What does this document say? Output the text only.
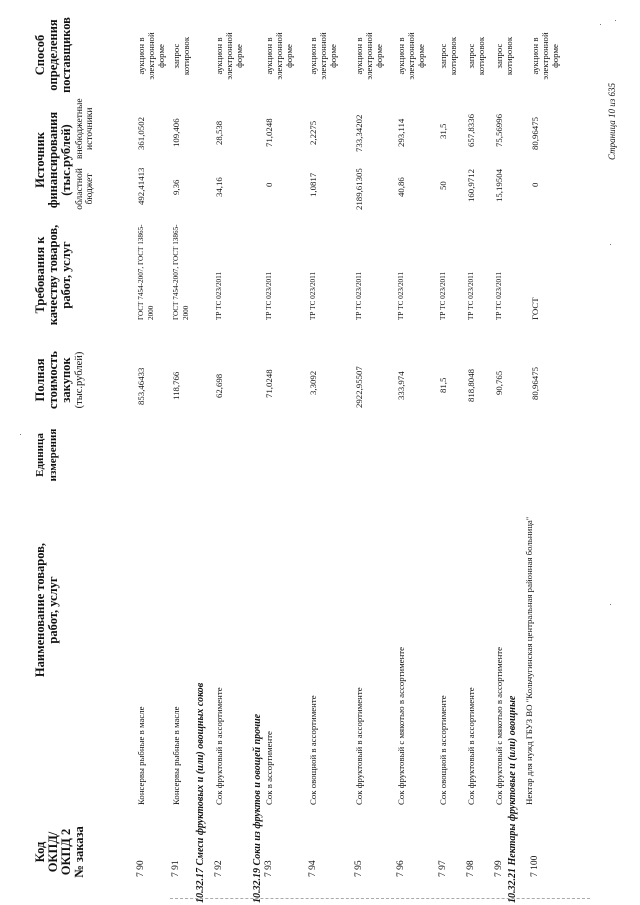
Код ОКПД/ ОКПД 2 № заказа
Наименование товаров, работ, услуг
Единица измерения
Полная стоимость закупок (тыс.рублей)
Требования к качеству товаров, работ, услуг
Источник финансирования (тыс.рублей) областной бюджет
внебюджетные источники
Способ определения поставщиков
10.32.17 Смеси фруктовых и (или) овощных соков
10.32.19 Соки из фруктов и овощей прочие
10.32.21 Нектары фруктовые и (или) овощные
7 90
Консервы рыбные в масле
853,46433
ГОСТ 7454-2007, ГОСТ 13865-2000
492,41413
361,0502
аукцион в электронной форме
7 91
Консервы рыбные в масле
118,766
ГОСТ 7454-2007, ГОСТ 13865-2000
9,36
109,406
запрос котировок
7 92
Сок фруктовый в ассортименте
62,698
ТР ТС 023/2011
34,16
28,538
аукцион в электронной форме
7 93
Сок в ассортименте
71,0248
ТР ТС 023/2011
0
71,0248
аукцион в электронной форме
7 94
Сок овощной в ассортименте
3,3092
ТР ТС 023/2011
1,0817
2,2275
аукцион в электронной форме
7 95
Сок фруктовый в ассортименте
2922,95507
ТР ТС 023/2011
2189,61305
733,34202
аукцион в электронной форме
7 96
Сок фруктовый с мякотью в ассортименте
333,974
ТР ТС 023/2011
40,86
293,114
аукцион в электронной форме
7 97
Сок овощной в ассортименте
81,5
ТР ТС 023/2011
50
31,5
запрос котировок
7 98
Сок фруктовый в ассортименте
818,8048
ТР ТС 023/2011
160,9712
657,8336
запрос котировок
7 99
Сок фруктовый с мякотью в ассортименте
90,765
ТР ТС 023/2011
15,19504
75,56996
запрос котировок
7 100
Нектар для нужд ГБУЗ ВО "Кольчугинская центральная районная больница"
80,96475
ГОСТ
0
80,96475
аукцион в электронной форме
Страница 10 из 635
